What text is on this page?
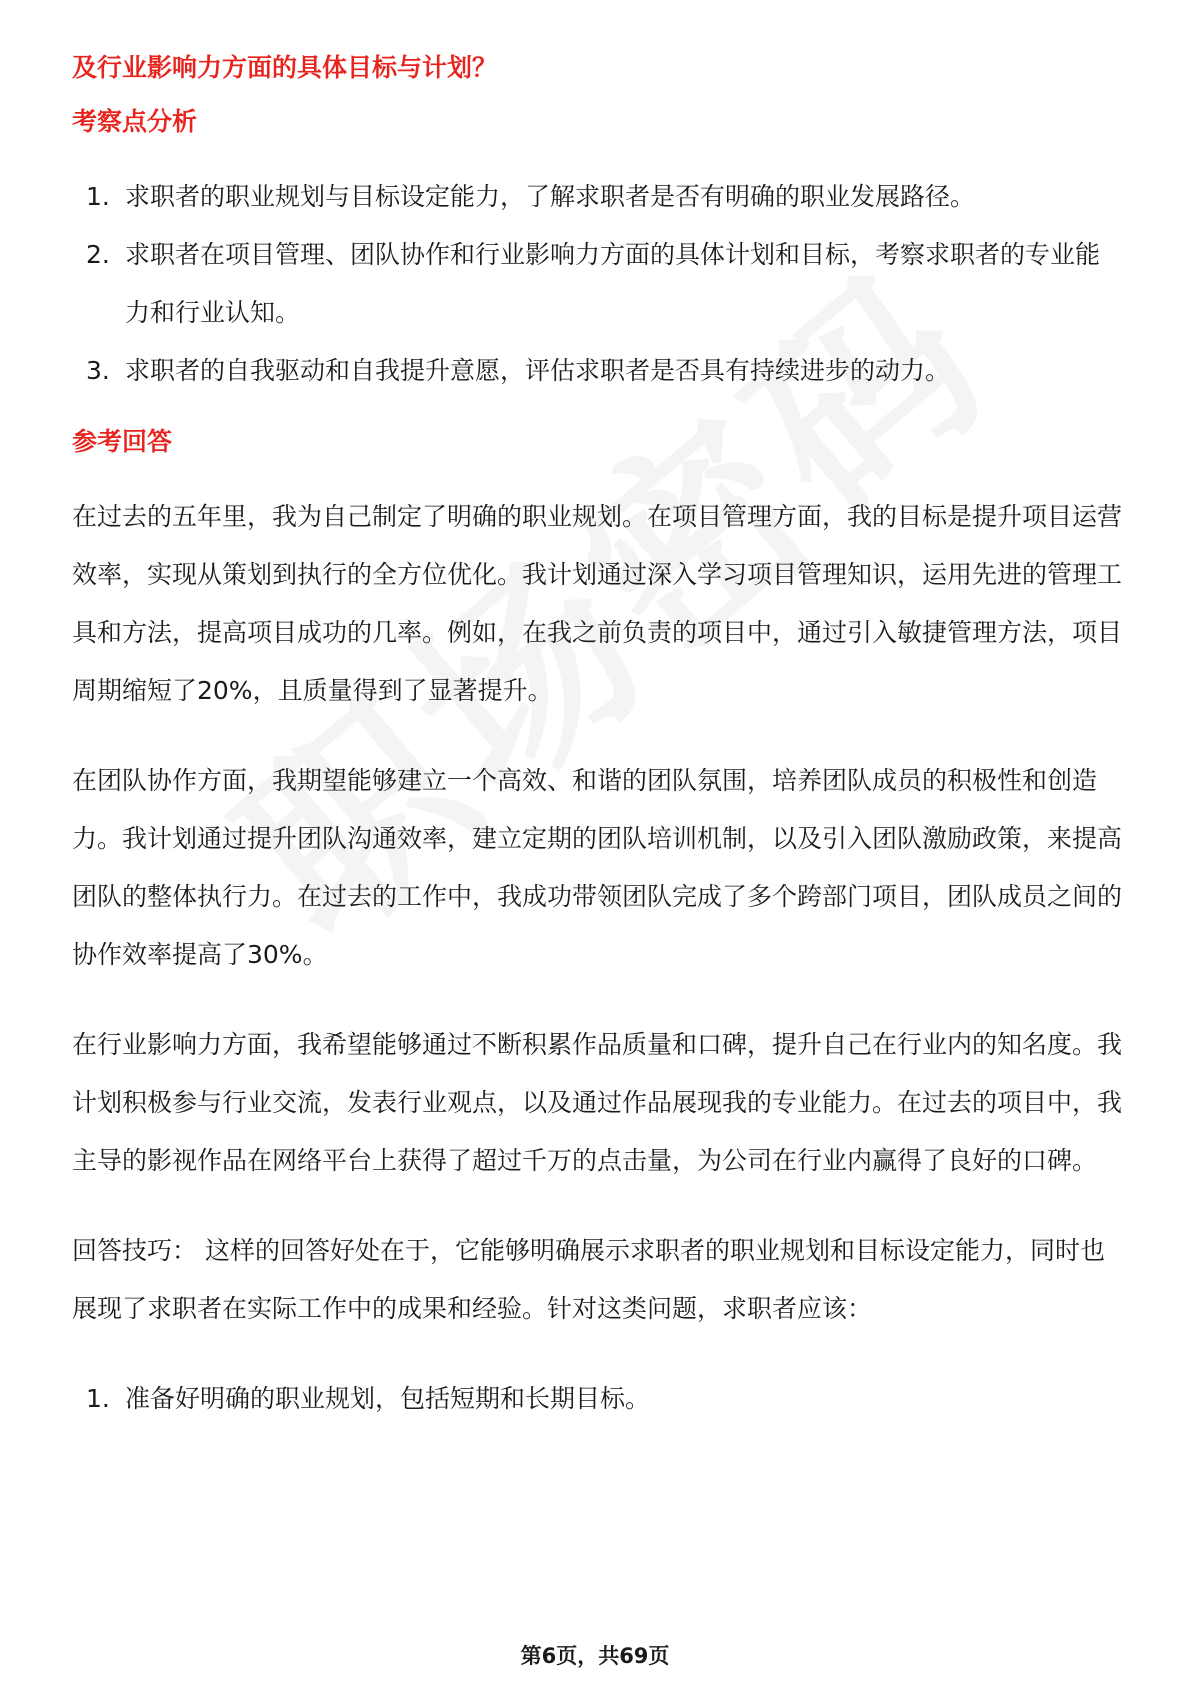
及行业影响力方面的具体目标与计划？

考察点分析

1. 求职者的职业规划与目标设定能力，了解求职者是否有明确的职业发展路径。
2. 求职者在项目管理、团队协作和行业影响力方面的具体计划和目标，考察求职者的专业能力和行业认知。
3. 求职者的自我驱动和自我提升意愿，评估求职者是否具有持续进步的动力。

参考回答

在过去的五年里，我为自己制定了明确的职业规划。在项目管理方面，我的目标是提升项目运营效率，实现从策划到执行的全方位优化。我计划通过深入学习项目管理知识，运用先进的管理工具和方法，提高项目成功的几率。例如，在我之前负责的项目中，通过引入敏捷管理方法，项目周期缩短了20%，且质量得到了显著提升。

在团队协作方面，我期望能够建立一个高效、和谐的团队氛围，培养团队成员的积极性和创造力。我计划通过提升团队沟通效率，建立定期的团队培训机制，以及引入团队激励政策，来提高团队的整体执行力。在过去的工作中，我成功带领团队完成了多个跨部门项目，团队成员之间的协作效率提高了30%。

在行业影响力方面，我希望能够通过不断积累作品质量和口碑，提升自己在行业内的知名度。我计划积极参与行业交流，发表行业观点，以及通过作品展现我的专业能力。在过去的项目中，我主导的影视作品在网络平台上获得了超过千万的点击量，为公司在行业内赢得了良好的口碑。

回答技巧： 这样的回答好处在于，它能够明确展示求职者的职业规划和目标设定能力，同时也展现了求职者在实际工作中的成果和经验。针对这类问题，求职者应该：

1. 准备好明确的职业规划，包括短期和长期目标。
第6页，共69页
